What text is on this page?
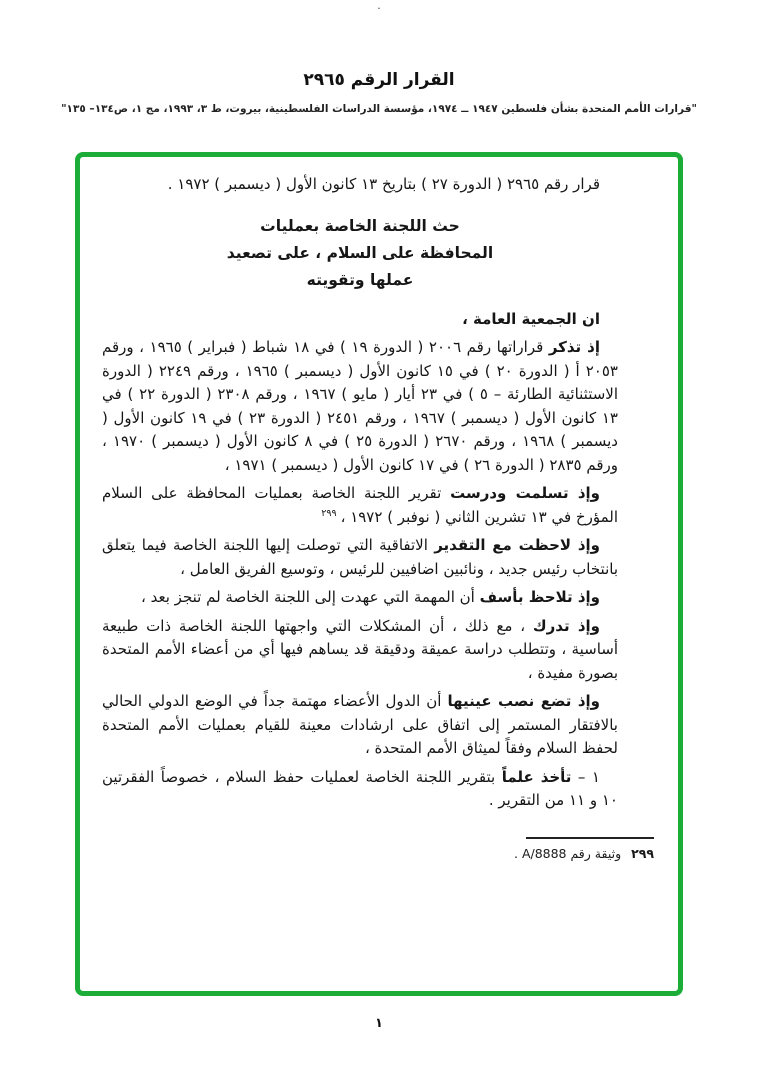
·
القرار الرقم ٢٩٦٥
"قرارات الأمم المتحدة بشأن فلسطين ١٩٤٧ ــ ١٩٧٤، مؤسسة الدراسات الفلسطينية، بيروت، ط ٣، ١٩٩٣، مج ١، ص١٣٤– ١٣٥"

قرار رقم ٢٩٦٥ ( الدورة ٢٧ ) بتاريخ ١٣ كانون الأول ( ديسمبر ) ١٩٧٢ .

حث اللجنة الخاصة بعمليات
المحافظة على السلام ، على تصعيد
عملها وتقويته

ان الجمعية العامة ،

إذ تذكر قراراتها رقم ٢٠٠٦ ( الدورة ١٩ ) في ١٨ شباط ( فبراير ) ١٩٦٥ ، ورقم ٢٠٥٣ أ ( الدورة ٢٠ ) في ١٥ كانون الأول ( ديسمبر ) ١٩٦٥ ، ورقم ٢٢٤٩ ( الدورة الاستثنائية الطارئة – ٥ ) في ٢٣ أيار ( مايو ) ١٩٦٧ ، ورقم ٢٣٠٨ ( الدورة ٢٢ ) في ١٣ كانون الأول ( ديسمبر ) ١٩٦٧ ، ورقم ٢٤٥١ ( الدورة ٢٣ ) في ١٩ كانون الأول ( ديسمبر ) ١٩٦٨ ، ورقم ٢٦٧٠ ( الدورة ٢٥ ) في ٨ كانون الأول ( ديسمبر ) ١٩٧٠ ، ورقم ٢٨٣٥ ( الدورة ٢٦ ) في ١٧ كانون الأول ( ديسمبر ) ١٩٧١ ،

وإذ تسلمت ودرست تقرير اللجنة الخاصة بعمليات المحافظة على السلام المؤرخ في ١٣ تشرين الثاني ( نوفبر ) ١٩٧٢ ،$^{٢٩٩}$

وإذ لاحظت مع التقدير الاتفاقية التي توصلت إليها اللجنة الخاصة فيما يتعلق بانتخاب رئيس جديد ، ونائبين اضافيين للرئيس ، وتوسيع الفريق العامل ،

وإذ تلاحظ بأسف أن المهمة التي عهدت إلى اللجنة الخاصة لم تنجز بعد ،

وإذ تدرك ، مع ذلك ، أن المشكلات التي واجهتها اللجنة الخاصة ذات طبيعة أساسية ، وتتطلب دراسة عميقة ودقيقة قد يساهم فيها أي من أعضاء الأمم المتحدة بصورة مفيدة ،

وإذ تضع نصب عينيها أن الدول الأعضاء مهتمة جداً في الوضع الدولي الحالي بالافتقار المستمر إلى اتفاق على ارشادات معينة للقيام بعمليات الأمم المتحدة لحفظ السلام وفقاً لميثاق الأمم المتحدة ،

١ – تأخذ علماً بتقرير اللجنة الخاصة لعمليات حفظ السلام ، خصوصاً الفقرتين ١٠ و ١١ من التقرير .

٢٩٩وثيقة رقم A/8888 .
١
